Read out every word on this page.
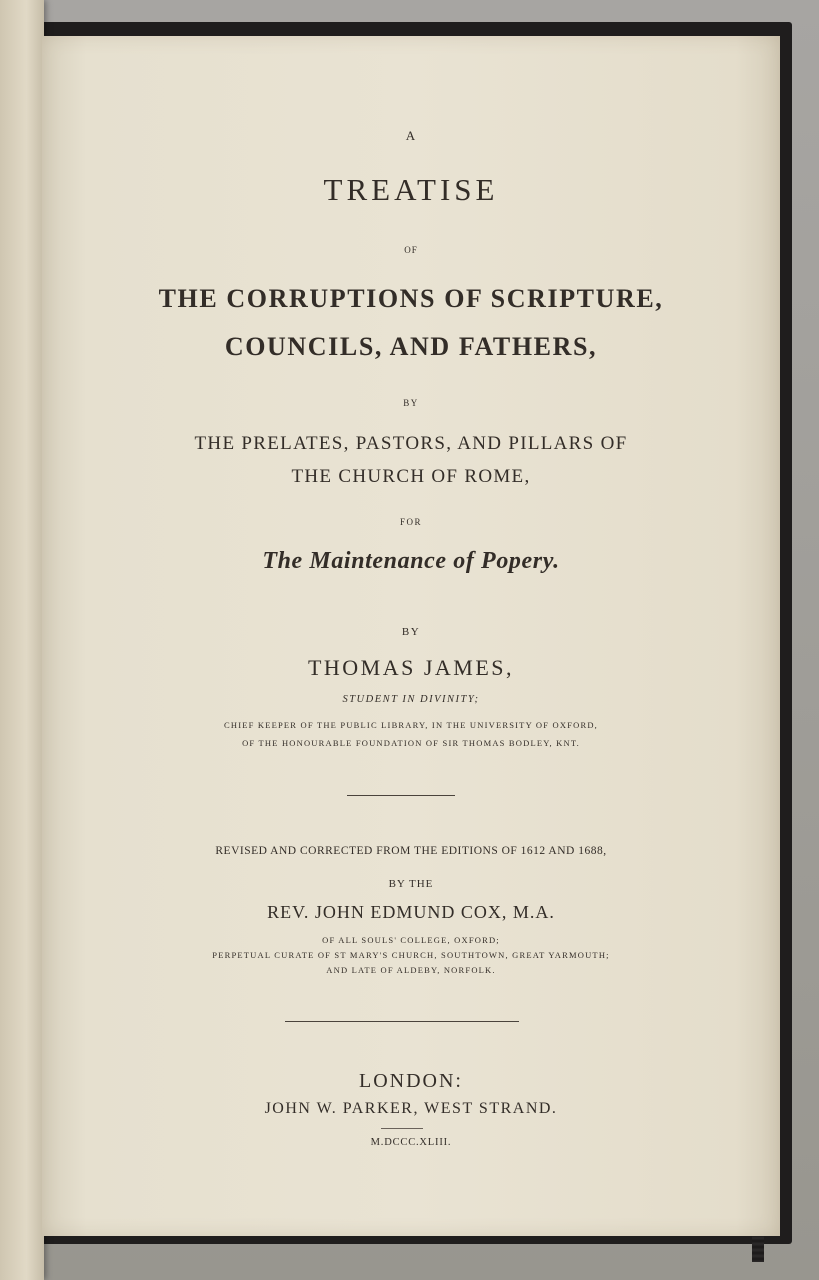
A
TREATISE
OF
THE CORRUPTIONS OF SCRIPTURE,
COUNCILS, AND FATHERS,
BY
THE PRELATES, PASTORS, AND PILLARS OF
THE CHURCH OF ROME,
FOR
The Maintenance of Popery.
BY
THOMAS JAMES,
STUDENT IN DIVINITY;
CHIEF KEEPER OF THE PUBLIC LIBRARY, IN THE UNIVERSITY OF OXFORD,
OF THE HONOURABLE FOUNDATION OF SIR THOMAS BODLEY, KNT.
REVISED AND CORRECTED FROM THE EDITIONS OF 1612 AND 1688,
BY THE
REV. JOHN EDMUND COX, M.A.
OF ALL SOULS' COLLEGE, OXFORD;
PERPETUAL CURATE OF ST MARY'S CHURCH, SOUTHTOWN, GREAT YARMOUTH;
AND LATE OF ALDEBY, NORFOLK.
LONDON:
JOHN W. PARKER, WEST STRAND.
M.DCCC.XLIII.
